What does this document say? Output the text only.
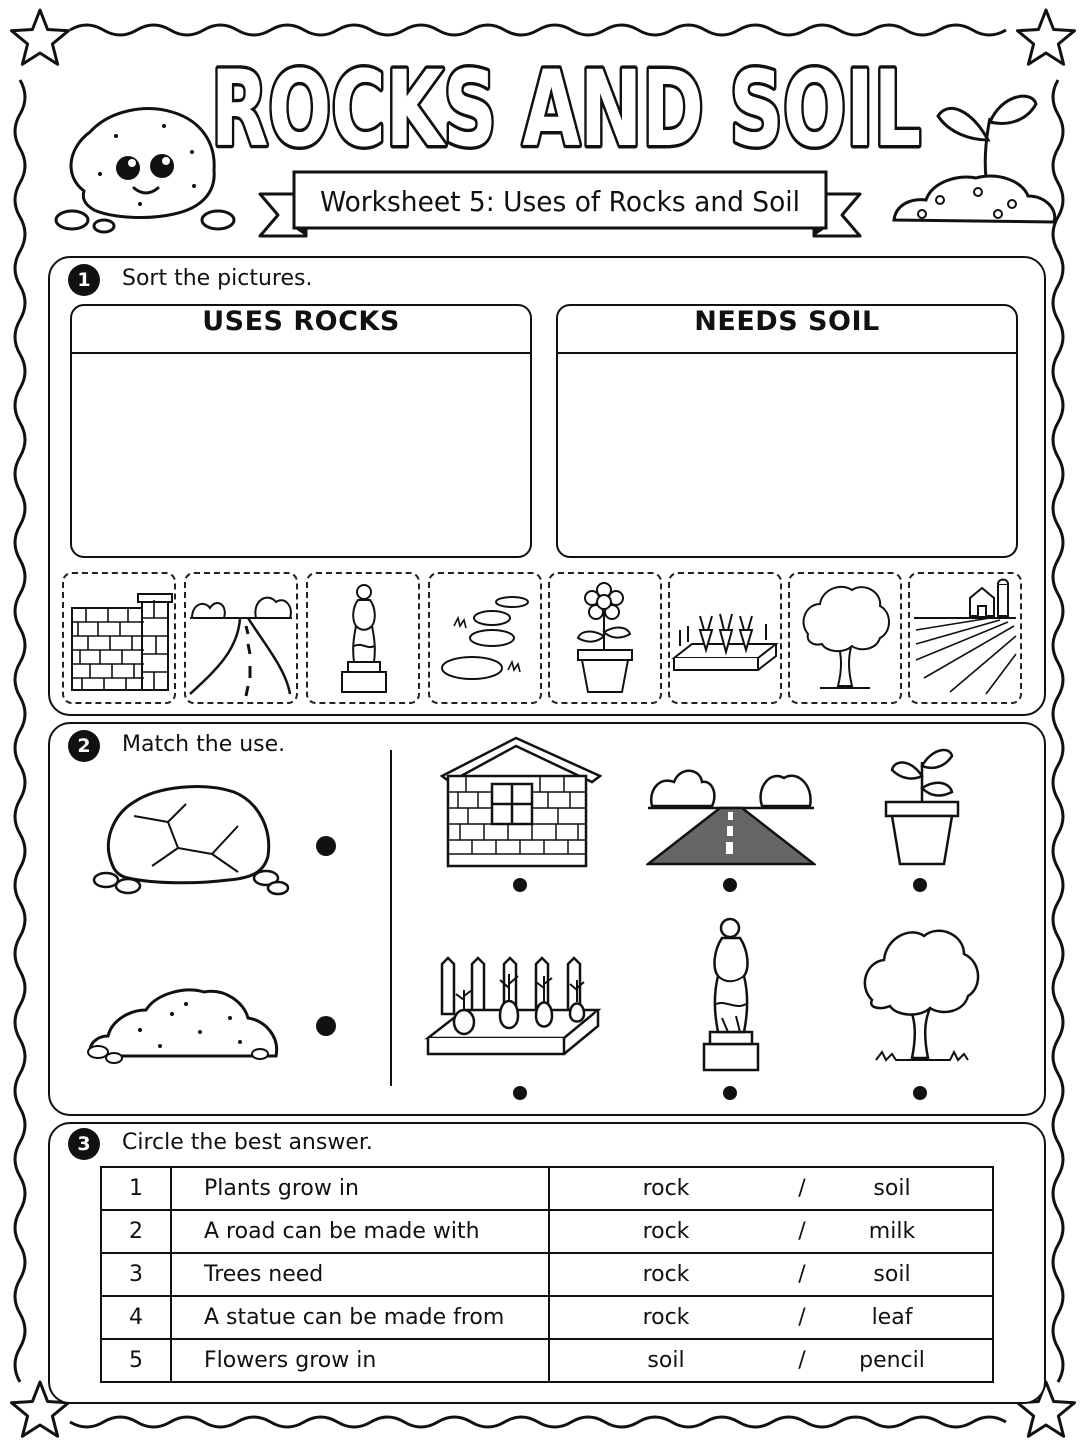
ROCKS AND SOIL
ROCKS AND SOIL
Worksheet 5: Uses of Rocks and Soil
1	Sort the pictures.
USES ROCKS	NEEDS SOIL
2	Match the use.
3	Circle the best answer.
1	Plants grow in	rock / soil

2	A road can be made with	rock / milk

3	Trees need	rock / soil

4	A statue can be made from	rock / leaf

5	Flowers grow in	soil / pencil
